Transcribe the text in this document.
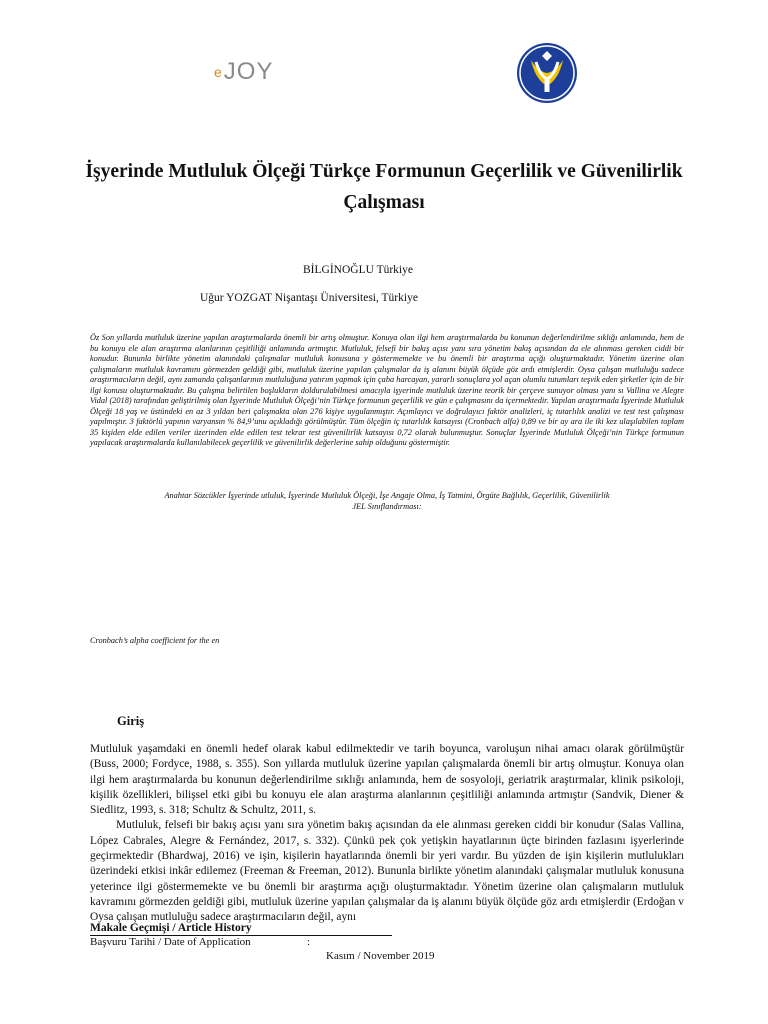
eJOY
İşyerinde Mutluluk Ölçeği Türkçe Formunun Geçerlilik ve Güvenilirlik Çalışması
BİLGİNOĞLU Türkiye
Uğur YOZGAT Nişantaşı Üniversitesi, Türkiye

Öz Son yıllarda mutluluk üzerine yapılan araştırmalarda önemli bir artış olmuştur. Konuya olan ilgi hem araştırmalarda bu konunun değerlendirilme sıklığı anlamında, hem de bu konuyu ele alan araştırma alanlarının çeşitliliği anlamında artmıştır. Mutluluk, felsefi bir bakış açısı yanı sıra yönetim bakış açısından da ele alınması gereken ciddi bir konudur. Bununla birlikte yönetim alanındaki çalışmalar mutluluk konusuna y göstermemekte ve bu önemli bir araştırma açığı oluşturmaktadır. Yönetim üzerine olan çalışmaların mutluluk kavramını görmezden geldiği gibi, mutluluk üzerine yapılan çalışmalar da iş alanını büyük ölçüde göz ardı etmişlerdir. Oysa çalışan mutluluğu sadece araştırmacıların değil, aynı zamanda çalışanlarının mutluluğuna yatırım yapmak için çaba harcayan, yararlı sonuçlara yol açan olumlu tutumları teşvik eden şirketler için de bir ilgi konusu oluşturmaktadır. Bu çalışma belirtilen boşlukların doldurulabilmesi amacıyla işyerinde mutluluk üzerine teorik bir çerçeve sunuyor olması yanı sı Vallina ve Alegre Vidal (2018) tarafından geliştirilmiş olan İşyerinde Mutluluk Ölçeği’nin Türkçe formunun geçerlilik ve gün e çalışmasını da içermektedir. Yapılan araştırmada İşyerinde Mutluluk Ölçeği 18 yaş ve üstündeki en az 3 yıldan beri çalışmakta olan 276 kişiye uygulanmıştır. Açımlayıcı ve doğrulayıcı faktör analizleri, iç tutarlılık analizi ve test test çalışması yapılmıştır. 3 faktörlü yapının varyansın % 84,9’unu açıkladığı görülmüştür. Tüm ölçeğin iç tutarlılık katsayısı (Cronbach alfa) 0,89 ve bir ay ara ile iki kez ulaşılabilen toplam 35 kişiden elde edilen veriler üzerinden elde edilen test tekrar test güvenilirlik katsayısı 0,72 olarak bulunmuştur. Sonuçlar İşyerinde Mutluluk Ölçeği’nin Türkçe formunun yapılacak araştırmalarda kullanılabilecek geçerlilik ve güvenilirlik değerlerine sahip olduğunu göstermiştir.

Anahtar Sözcükler İşyerinde utluluk, İşyerinde Mutluluk Ölçeği, İşe Angaje Olma, İş Tatmini, Örgüte Bağlılık, Geçerlilik, Güvenilirlik
JEL Sınıflandırması:
Cronbach’s alpha coefficient for the en
Giriş

Mutluluk yaşamdaki en önemli hedef olarak kabul edilmektedir ve tarih boyunca, varoluşun nihai amacı olarak görülmüştür (Buss, 2000; Fordyce, 1988, s. 355). Son yıllarda mutluluk üzerine yapılan çalışmalarda önemli bir artış olmuştur. Konuya olan ilgi hem araştırmalarda bu konunun değerlendirilme sıklığı anlamında, hem de sosyoloji, geriatrik araştırmalar, klinik psikoloji, kişilik özellikleri, bilişsel etki gibi bu konuyu ele alan araştırma alanlarının çeşitliliği anlamında artmıştır (Sandvik, Diener & Siedlitz, 1993, s. 318; Schultz & Schultz, 2011, s.

Mutluluk, felsefi bir bakış açısı yanı sıra yönetim bakış açısından da ele alınması gereken ciddi bir konudur (Salas Vallina, López Cabrales, Alegre & Fernández, 2017, s. 332). Çünkü pek çok yetişkin hayatlarının üçte birinden fazlasını işyerlerinde geçirmektedir (Bhardwaj, 2016) ve işin, kişilerin hayatlarında önemli bir yeri vardır. Bu yüzden de işin kişilerin mutlulukları üzerindeki etkisi inkâr edilemez (Freeman & Freeman, 2012). Bununla birlikte yönetim alanındaki çalışmalar mutluluk konusuna yeterince ilgi göstermemekte ve bu önemli bir araştırma açığı oluşturmaktadır. Yönetim üzerine olan çalışmaların mutluluk kavramını görmezden geldiği gibi, mutluluk üzerine yapılan çalışmalar da iş alanını büyük ölçüde göz ardı etmişlerdir (Erdoğan v Oysa çalışan mutluluğu sadece araştırmacıların değil, aynı

Makale Geçmişi / Article History
Başvuru Tarihi / Date of Application	:
Kasım / November 2019
